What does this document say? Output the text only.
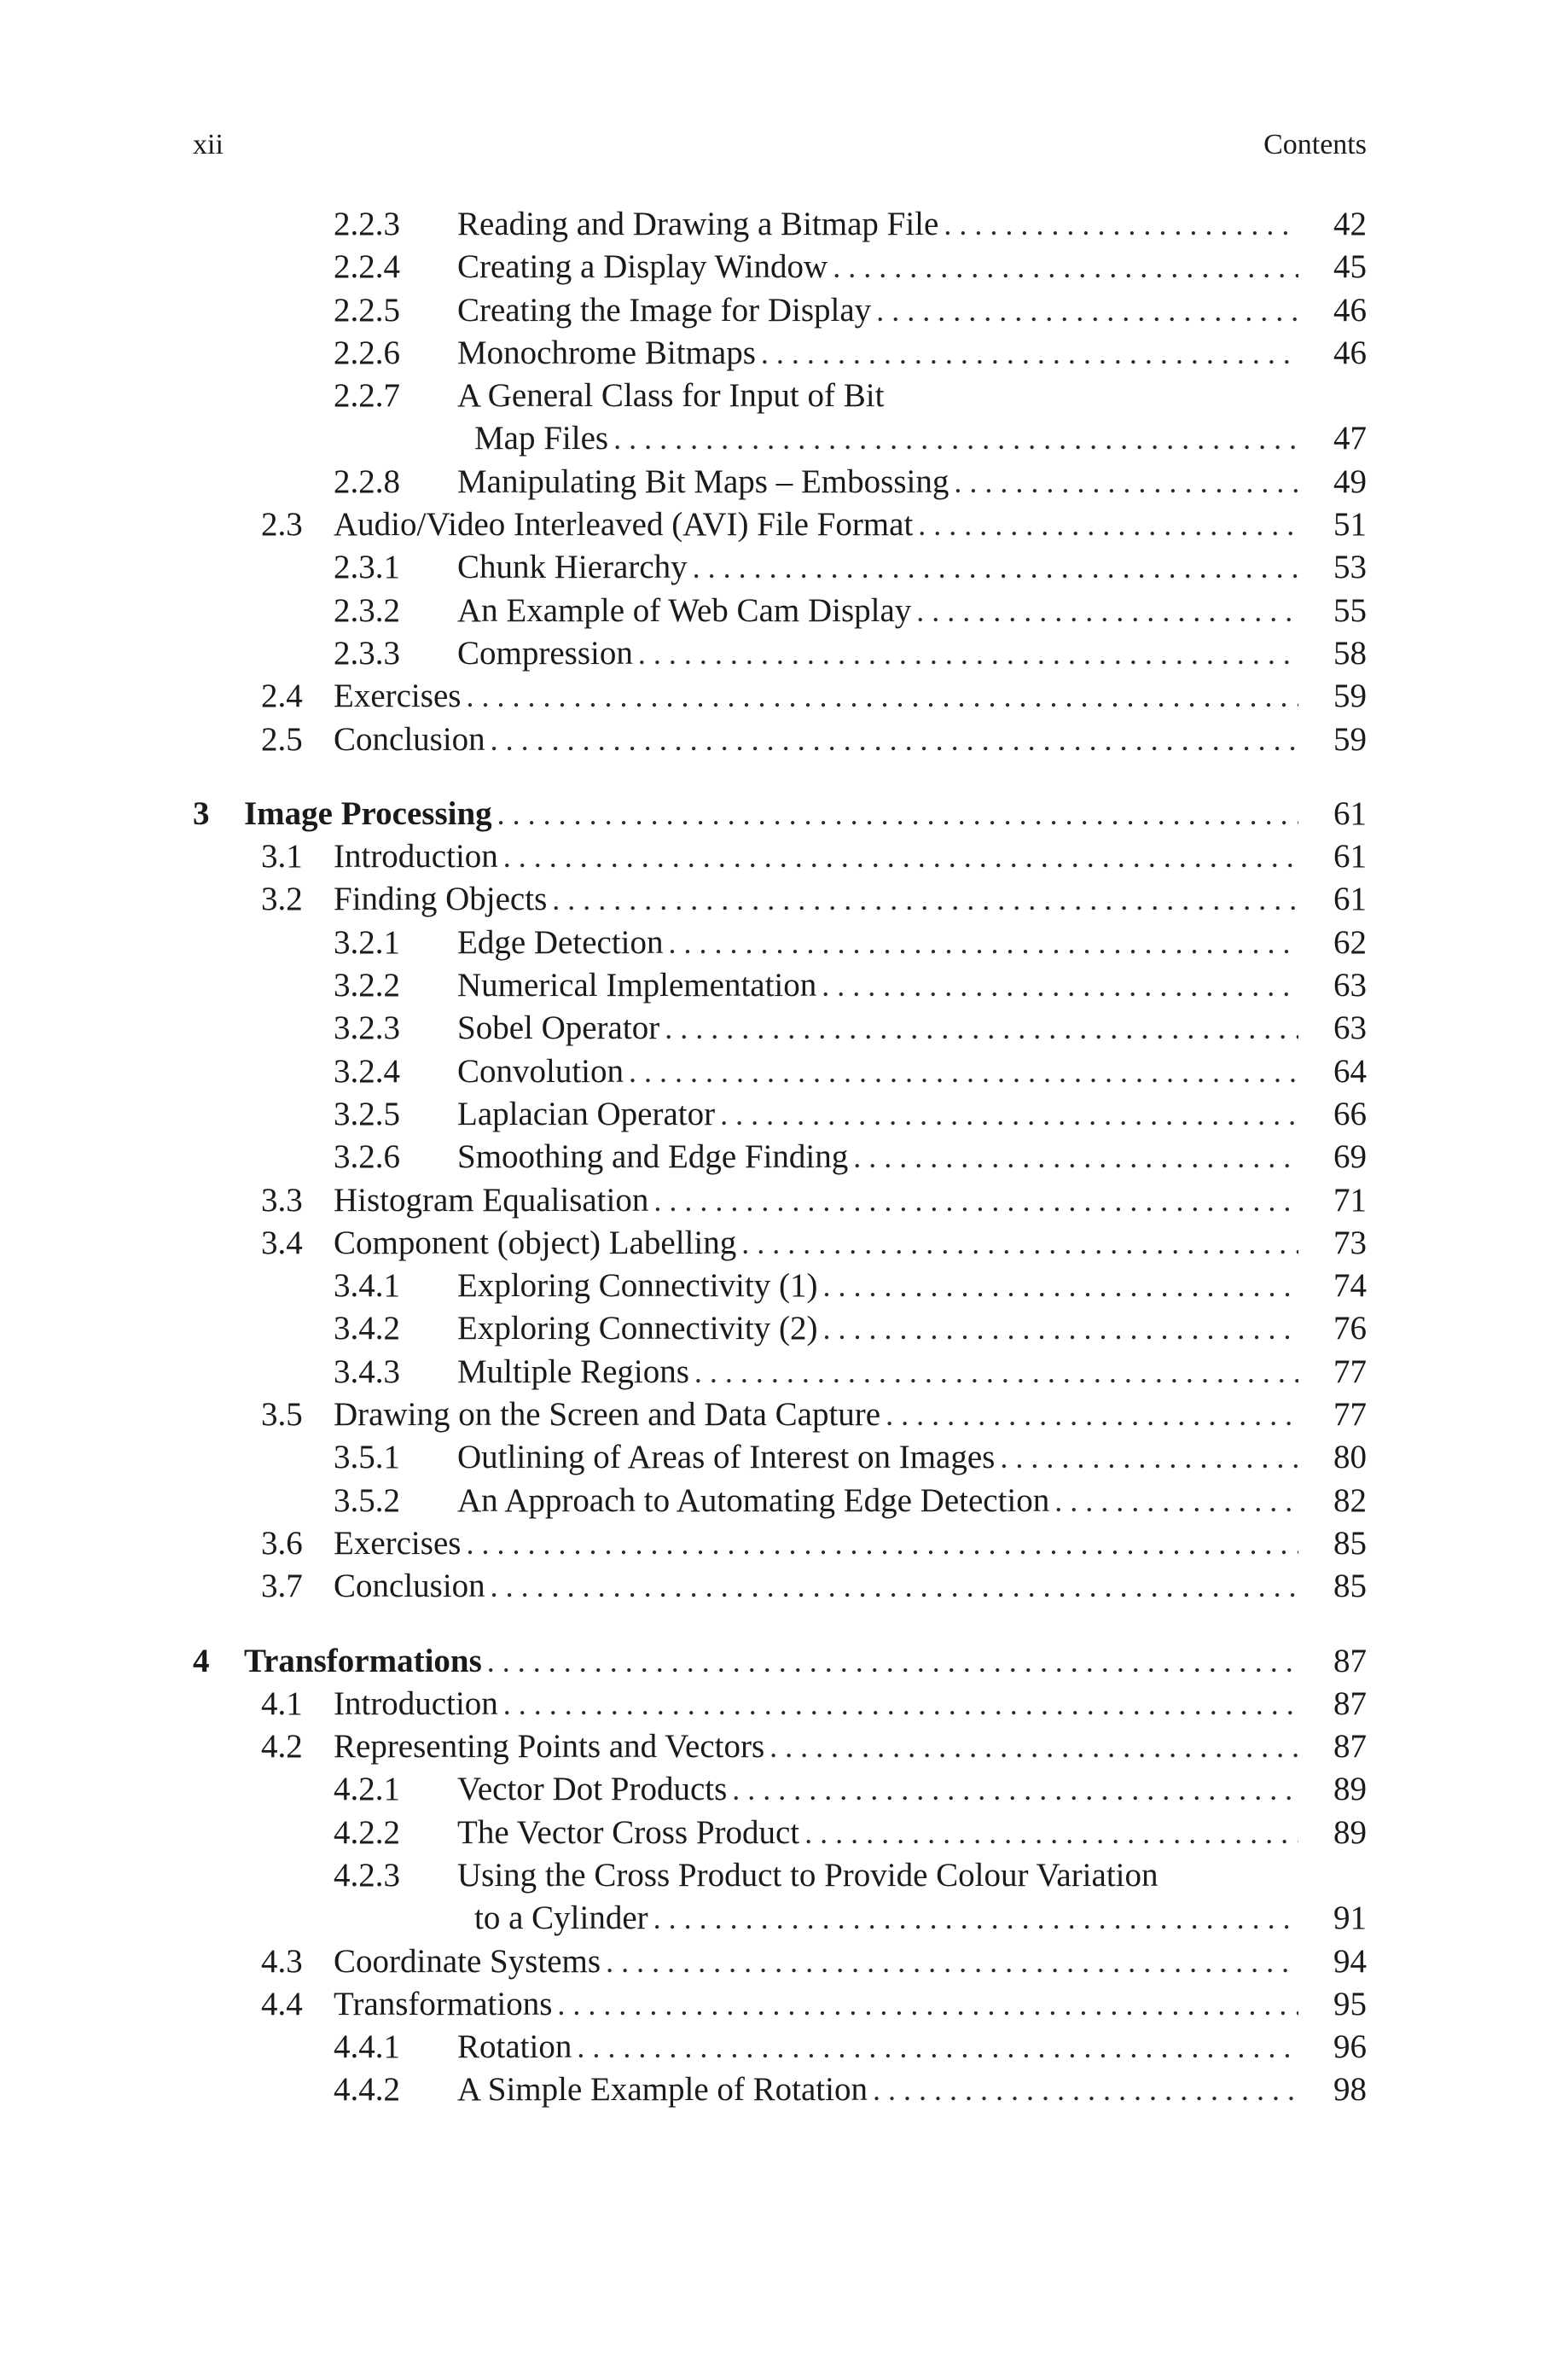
xii	Contents
2.2.3 Reading and Drawing a Bitmap File . . .	42
2.2.4 Creating a Display Window . . .	45
2.2.5 Creating the Image for Display . . .	46
2.2.6 Monochrome Bitmaps . . .	46
2.2.7 A General Class for Input of Bit
Map Files . . .	47
2.2.8 Manipulating Bit Maps – Embossing . . .	49
2.3 Audio/Video Interleaved (AVI) File Format . . .	51
2.3.1 Chunk Hierarchy . . .	53
2.3.2 An Example of Web Cam Display . . .	55
2.3.3 Compression . . .	58
2.4 Exercises . . .	59
2.5 Conclusion . . .	59
3 Image Processing . . .	61
3.1 Introduction . . .	61
3.2 Finding Objects . . .	61
3.2.1 Edge Detection . . .	62
3.2.2 Numerical Implementation . . .	63
3.2.3 Sobel Operator . . .	63
3.2.4 Convolution . . .	64
3.2.5 Laplacian Operator . . .	66
3.2.6 Smoothing and Edge Finding . . .	69
3.3 Histogram Equalisation . . .	71
3.4 Component (object) Labelling . . .	73
3.4.1 Exploring Connectivity (1) . . .	74
3.4.2 Exploring Connectivity (2) . . .	76
3.4.3 Multiple Regions . . .	77
3.5 Drawing on the Screen and Data Capture . . .	77
3.5.1 Outlining of Areas of Interest on Images . . .	80
3.5.2 An Approach to Automating Edge Detection . . .	82
3.6 Exercises . . .	85
3.7 Conclusion . . .	85
4 Transformations . . .	87
4.1 Introduction . . .	87
4.2 Representing Points and Vectors . . .	87
4.2.1 Vector Dot Products . . .	89
4.2.2 The Vector Cross Product . . .	89
4.2.3 Using the Cross Product to Provide Colour Variation
to a Cylinder . . .	91
4.3 Coordinate Systems . . .	94
4.4 Transformations . . .	95
4.4.1 Rotation . . .	96
4.4.2 A Simple Example of Rotation . . .	98
